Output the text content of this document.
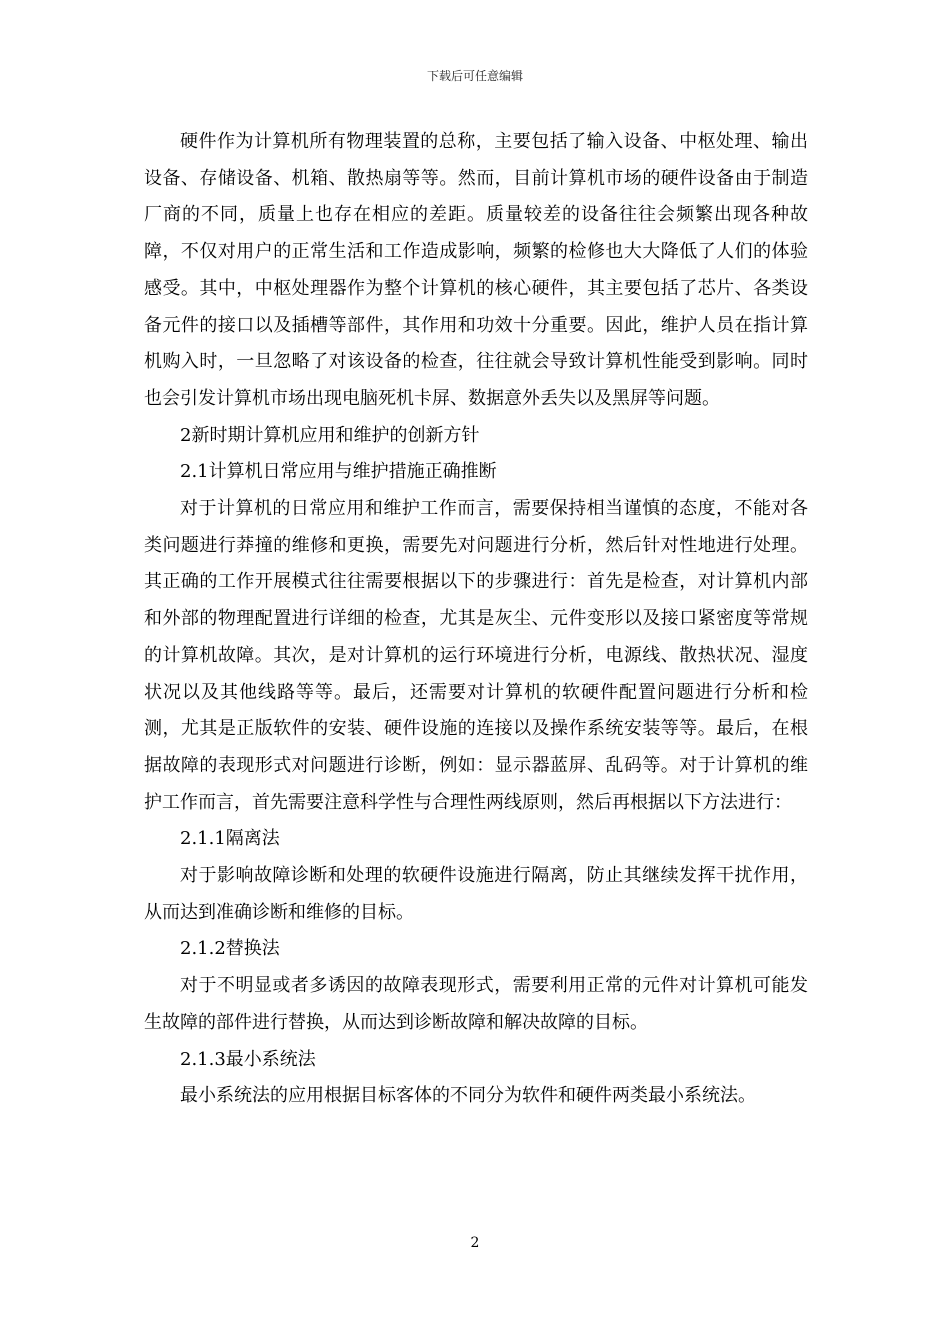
下载后可任意编辑

硬件作为计算机所有物理装置的总称，主要包括了输入设备、中枢处理、输出设备、存储设备、机箱、散热扇等等。然而，目前计算机市场的硬件设备由于制造厂商的不同，质量上也存在相应的差距。质量较差的设备往往会频繁出现各种故障，不仅对用户的正常生活和工作造成影响，频繁的检修也大大降低了人们的体验感受。其中，中枢处理器作为整个计算机的核心硬件，其主要包括了芯片、各类设备元件的接口以及插槽等部件，其作用和功效十分重要。因此，维护人员在指计算机购入时，一旦忽略了对该设备的检查，往往就会导致计算机性能受到影响。同时也会引发计算机市场出现电脑死机卡屏、数据意外丢失以及黑屏等问题。

2新时期计算机应用和维护的创新方针

2.1计算机日常应用与维护措施正确推断

对于计算机的日常应用和维护工作而言，需要保持相当谨慎的态度，不能对各类问题进行莽撞的维修和更换，需要先对问题进行分析，然后针对性地进行处理。其正确的工作开展模式往往需要根据以下的步骤进行：首先是检查，对计算机内部和外部的物理配置进行详细的检查，尤其是灰尘、元件变形以及接口紧密度等常规的计算机故障。其次，是对计算机的运行环境进行分析，电源线、散热状况、湿度状况以及其他线路等等。最后，还需要对计算机的软硬件配置问题进行分析和检测，尤其是正版软件的安装、硬件设施的连接以及操作系统安装等等。最后，在根据故障的表现形式对问题进行诊断，例如：显示器蓝屏、乱码等。对于计算机的维护工作而言，首先需要注意科学性与合理性两线原则，然后再根据以下方法进行：

2.1.1隔离法

对于影响故障诊断和处理的软硬件设施进行隔离，防止其继续发挥干扰作用，从而达到准确诊断和维修的目标。

2.1.2替换法

对于不明显或者多诱因的故障表现形式，需要利用正常的元件对计算机可能发生故障的部件进行替换，从而达到诊断故障和解决故障的目标。

2.1.3最小系统法

最小系统法的应用根据目标客体的不同分为软件和硬件两类最小系统法。

2
